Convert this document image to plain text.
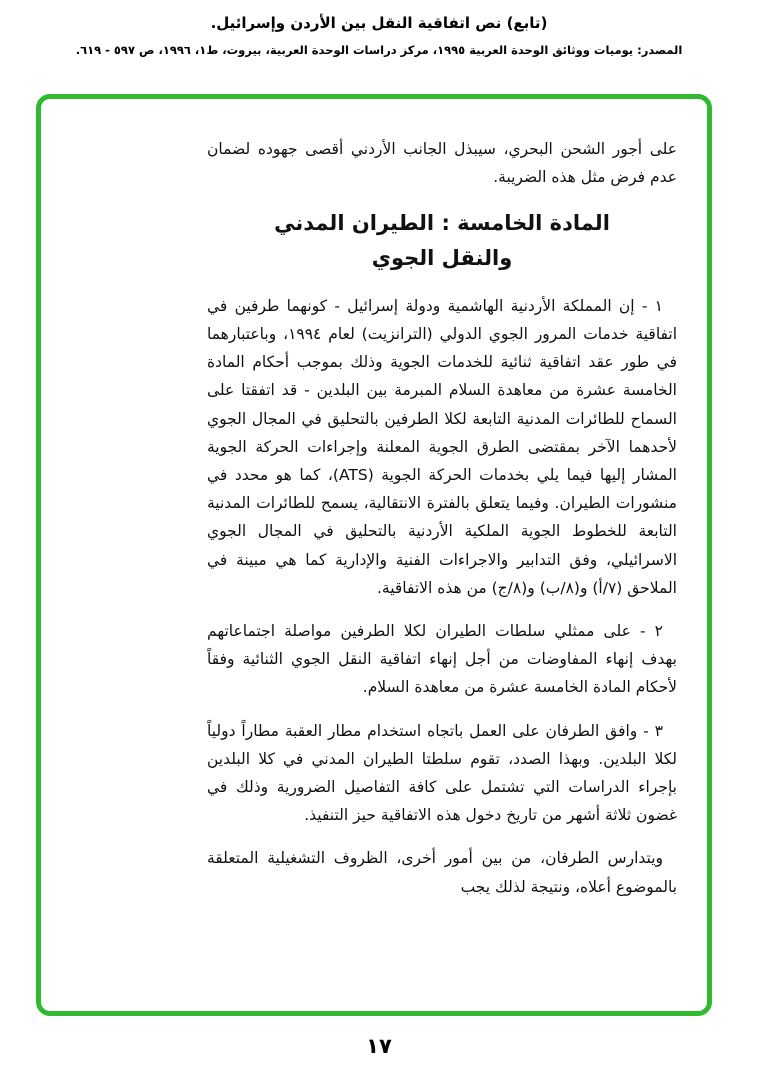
(تابع) نص اتفاقية النقل بين الأردن وإسرائيل.
المصدر: يوميات ووثائق الوحدة العربية ١٩٩٥، مركز دراسات الوحدة العربية، بيروت، ط١، ١٩٩٦، ص ٥٩٧ - ٦١٩.

على أجور الشحن البحري، سيبذل الجانب الأردني أقصى جهوده لضمان عدم فرض مثل هذه الضريبة.

المادة الخامسة : الطيران المدني
والنقل الجوي

١ - إن المملكة الأردنية الهاشمية ودولة إسرائيل - كونهما طرفين في اتفاقية خدمات المرور الجوي الدولي (الترانزيت) لعام ١٩٩٤، وباعتبارهما في طور عقد اتفاقية ثنائية للخدمات الجوية وذلك بموجب أحكام المادة الخامسة عشرة من معاهدة السلام المبرمة بين البلدين - قد اتفقتا على السماح للطائرات المدنية التابعة لكلا الطرفين بالتحليق في المجال الجوي لأحدهما الآخر بمقتضى الطرق الجوية المعلنة وإجراءات الحركة الجوية المشار إليها فيما يلي بخدمات الحركة الجوية (ATS)، كما هو محدد في منشورات الطيران. وفيما يتعلق بالفترة الانتقالية، يسمح للطائرات المدنية التابعة للخطوط الجوية الملكية الأردنية بالتحليق في المجال الجوي الاسرائيلي، وفق التدابير والاجراءات الفنية والإدارية كما هي مبينة في الملاحق (٧/أ) و(٨/ب) و(٨/ج) من هذه الاتفاقية.

٢ - على ممثلي سلطات الطيران لكلا الطرفين مواصلة اجتماعاتهم بهدف إنهاء المفاوضات من أجل إنهاء اتفاقية النقل الجوي الثنائية وفقاً لأحكام المادة الخامسة عشرة من معاهدة السلام.

٣ - وافق الطرفان على العمل باتجاه استخدام مطار العقبة مطاراً دولياً لكلا البلدين. وبهذا الصدد، تقوم سلطتا الطيران المدني في كلا البلدين بإجراء الدراسات التي تشتمل على كافة التفاصيل الضرورية وذلك في غضون ثلاثة أشهر من تاريخ دخول هذه الاتفاقية حيز التنفيذ.

ويتدارس الطرفان، من بين أمور أخرى، الظروف التشغيلية المتعلقة بالموضوع أعلاه، ونتيجة لذلك يجب

١٧
